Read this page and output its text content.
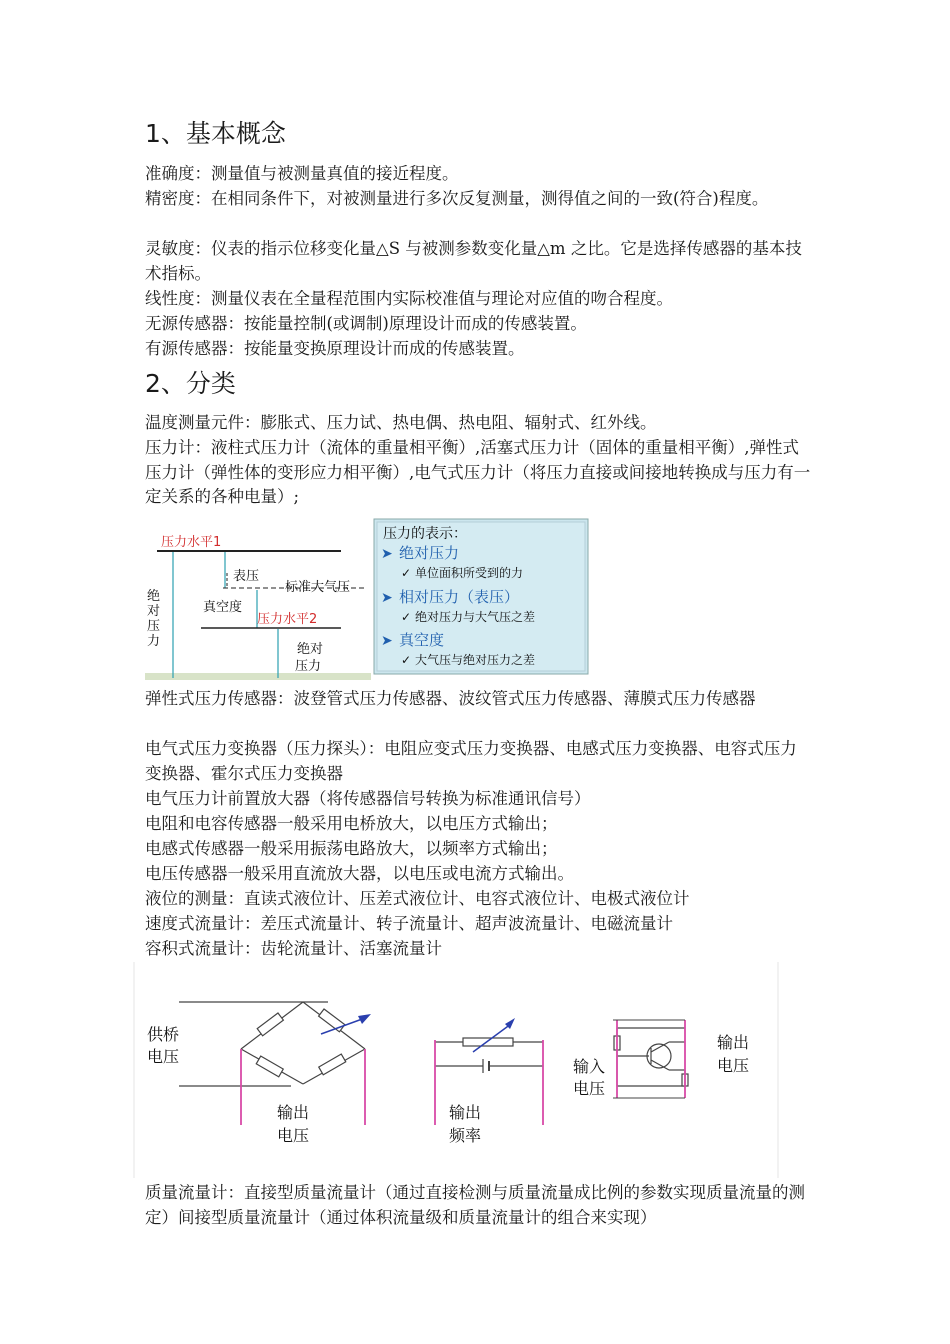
1、基本概念

准确度：测量值与被测量真值的接近程度。

精密度：在相同条件下，对被测量进行多次反复测量，测得值之间的一致(符合)程度。

灵敏度：仪表的指示位移变化量△S 与被测参数变化量△m 之比。它是选择传感器的基本技术指标。

线性度：测量仪表在全量程范围内实际校准值与理论对应值的吻合程度。

无源传感器：按能量控制(或调制)原理设计而成的传感装置。

有源传感器：按能量变换原理设计而成的传感装置。

2、分类

温度测量元件：膨胀式、压力试、热电偶、热电阻、辐射式、红外线。

压力计：液柱式压力计（流体的重量相平衡）,活塞式压力计（固体的重量相平衡）,弹性式压力计（弹性体的变形应力相平衡）,电气式压力计（将压力直接或间接地转换成与压力有一定关系的各种电量）;

压力水平1
表压
标准大气压
真空度
压力水平2
绝
对
压
力
绝对
压力
压力的表示：
➤ 绝对压力
✓ 单位面积所受到的力
➤ 相对压力（表压）
✓ 绝对压力与大气压之差
➤ 真空度
✓ 大气压与绝对压力之差

弹性式压力传感器：波登管式压力传感器、波纹管式压力传感器、薄膜式压力传感器

电气式压力变换器（压力探头）：电阻应变式压力变换器、电感式压力变换器、电容式压力变换器、霍尔式压力变换器

电气压力计前置放大器（将传感器信号转换为标准通讯信号）

电阻和电容传感器一般采用电桥放大，以电压方式输出；

电感式传感器一般采用振荡电路放大，以频率方式输出；

电压传感器一般采用直流放大器，以电压或电流方式输出。

液位的测量：直读式液位计、压差式液位计、电容式液位计、电极式液位计

速度式流量计：差压式流量计、转子流量计、超声波流量计、电磁流量计

容积式流量计：齿轮流量计、活塞流量计

供桥
电压
输出
电压
输出
频率
输入
电压
输出
电压

质量流量计：直接型质量流量计（通过直接检测与质量流量成比例的参数实现质量流量的测定）间接型质量流量计（通过体积流量级和质量流量计的组合来实现）
